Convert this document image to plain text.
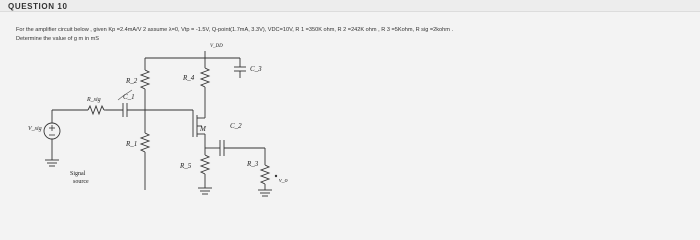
QUESTION 10
For the amplifier circuit below , given Kp =2.4mA/V 2 assume λ=0, Vtp = -1.5V, Q-point(1.7mA, 3.3V), VDC=10V, R 1 =350K ohm, R 2 =242K ohm , R 3 =5Kohm, R sig =2kohm .
Determine the value of g m in mS
V_DD
R_2	R_4
C_3
R_sig	C_1
M	C_2
R_1
R_5	R_3
V_sig
v_o
Signal
source
